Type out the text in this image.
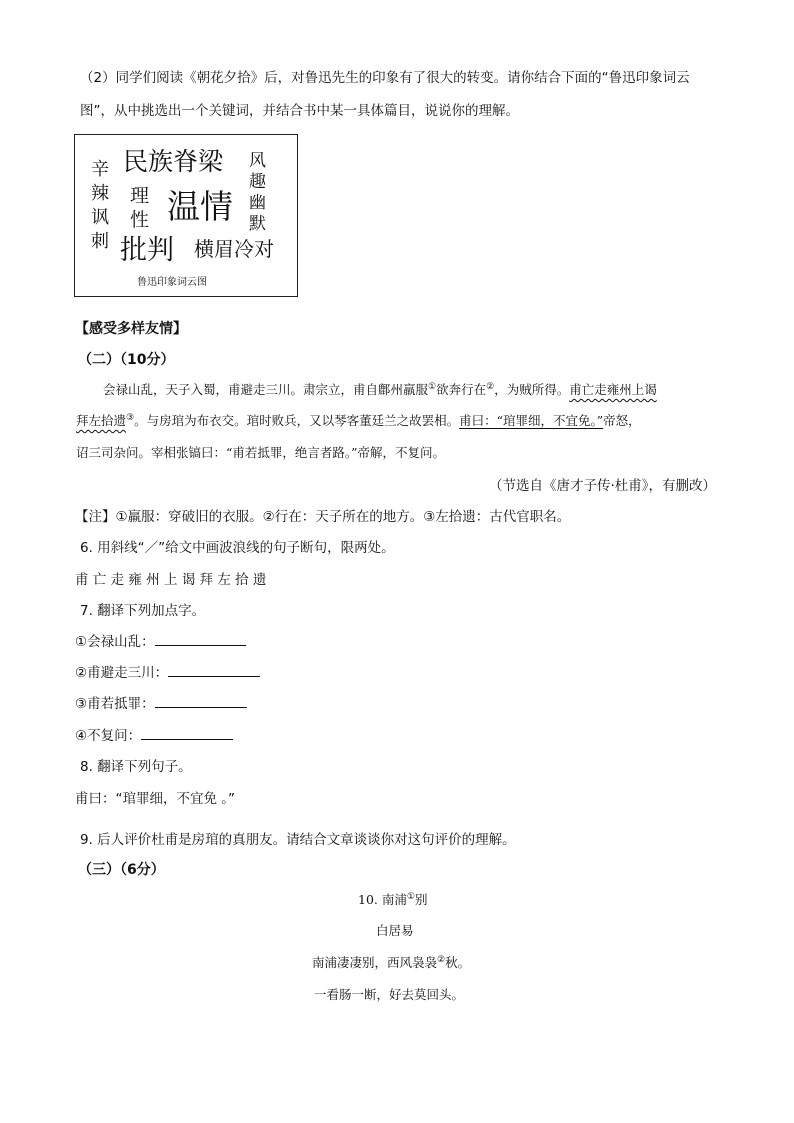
（2）同学们阅读《朝花夕拾》后，对鲁迅先生的印象有了很大的转变。请你结合下面的“鲁迅印象词云
图”，从中挑选出一个关键词，并结合书中某一具体篇目，说说你的理解。
民族脊梁
辛
辣
讽
刺
理
性 温情
风
趣
幽
默
批判 横眉冷对
鲁迅印象词云图
【感受多样友情】
（二）（10分）
会禄山乱，天子入蜀，甫避走三川。肃宗立，甫自鄜州羸服①欲奔行在②，为贼所得。甫亡走雍州上谒
拜左拾遗③。与房琯为布衣交。琯时败兵，又以琴客董廷兰之故罢相。甫曰：“琯罪细，不宜免。”帝怒，
诏三司杂问。宰相张镐曰：“甫若抵罪，绝言者路。”帝解，不复问。
（节选自《唐才子传·杜甫》，有删改）
【注】①羸服：穿破旧的衣服。②行在：天子所在的地方。③左拾遗：古代官职名。
6. 用斜线“／”给文中画波浪线的句子断句，限两处。
甫 亡 走 雍 州 上 谒 拜 左 拾 遗
7. 翻译下列加点字。
①会禄山乱：
②甫避走三川：
③甫若抵罪：
④不复问：
8. 翻译下列句子。
甫曰：“琯罪细，不宜免 。”
9. 后人评价杜甫是房琯的真朋友。请结合文章谈谈你对这句评价的理解。
（三）（6分）
10. 南浦①别
白居易
南浦凄凄别，西风袅袅②秋。
一看肠一断，好去莫回头。
